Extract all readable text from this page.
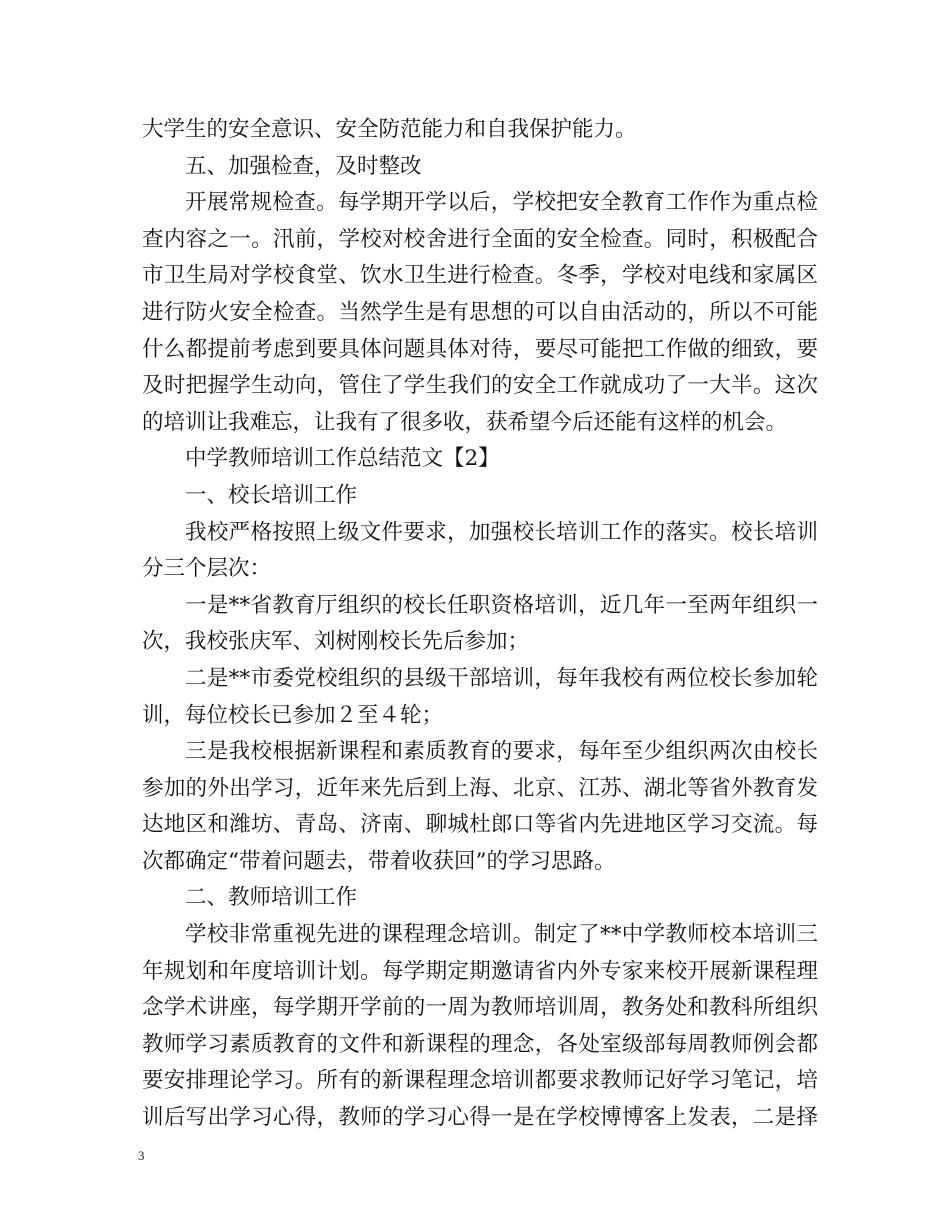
大学生的安全意识、安全防范能力和自我保护能力。
五、加强检查，及时整改
开展常规检查。每学期开学以后，学校把安全教育工作作为重点检
查内容之一。汛前，学校对校舍进行全面的安全检查。同时，积极配合
市卫生局对学校食堂、饮水卫生进行检查。冬季，学校对电线和家属区
进行防火安全检查。当然学生是有思想的可以自由活动的，所以不可能
什么都提前考虑到要具体问题具体对待，要尽可能把工作做的细致，要
及时把握学生动向，管住了学生我们的安全工作就成功了一大半。这次
的培训让我难忘，让我有了很多收，获希望今后还能有这样的机会。
中学教师培训工作总结范文【2】
一、校长培训工作
我校严格按照上级文件要求，加强校长培训工作的落实。校长培训
分三个层次：
一是**省教育厅组织的校长任职资格培训，近几年一至两年组织一
次，我校张庆军、刘树刚校长先后参加；
二是**市委党校组织的县级干部培训，每年我校有两位校长参加轮
训，每位校长已参加２至４轮；
三是我校根据新课程和素质教育的要求，每年至少组织两次由校长
参加的外出学习，近年来先后到上海、北京、江苏、湖北等省外教育发
达地区和潍坊、青岛、济南、聊城杜郎口等省内先进地区学习交流。每
次都确定“带着问题去，带着收获回”的学习思路。
二、教师培训工作
学校非常重视先进的课程理念培训。制定了**中学教师校本培训三
年规划和年度培训计划。每学期定期邀请省内外专家来校开展新课程理
念学术讲座，每学期开学前的一周为教师培训周，教务处和教科所组织
教师学习素质教育的文件和新课程的理念，各处室级部每周教师例会都
要安排理论学习。所有的新课程理念培训都要求教师记好学习笔记，培
训后写出学习心得，教师的学习心得一是在学校博博客上发表，二是择
3
